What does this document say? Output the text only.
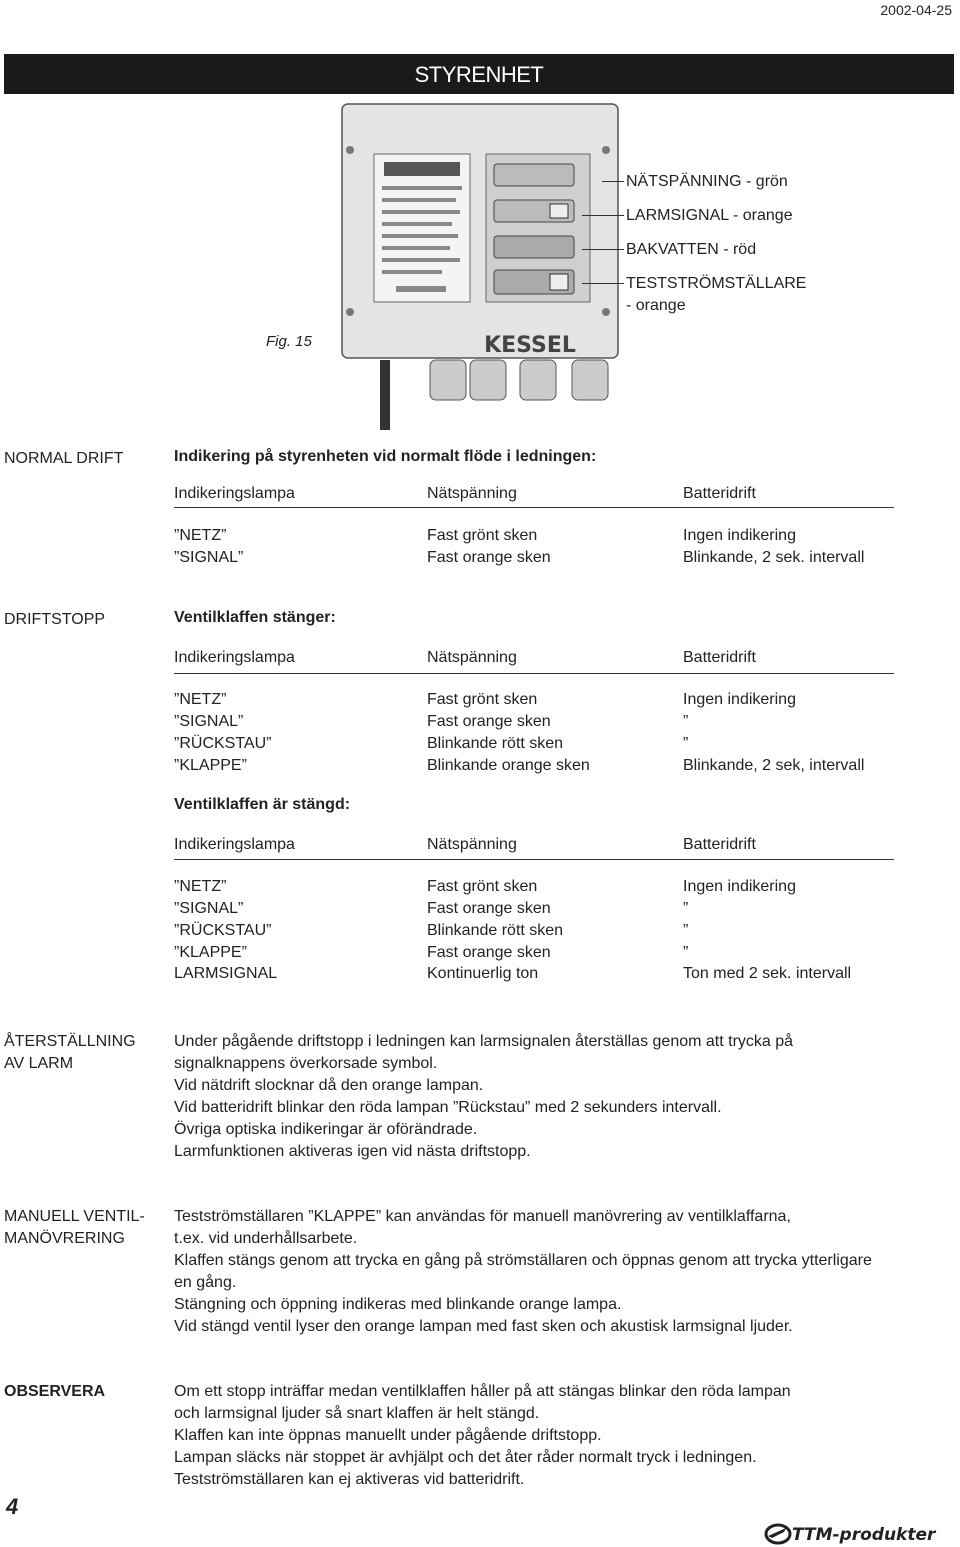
2002-04-25
STYRENHET
Fig. 15	KESSEL
NÄTSPÄNNING - grön
LARMSIGNAL - orange
BAKVATTEN - röd
TESTSTRÖMSTÄLLARE
- orange
NORMAL DRIFT	Indikering på styrenheten vid normalt flöde i ledningen:
Indikeringslampa	Nätspänning	Batteridrift
”NETZ”	Fast grönt sken	Ingen indikering
”SIGNAL”	Fast orange sken	Blinkande, 2 sek. intervall
DRIFTSTOPP	Ventilklaffen stänger:
Indikeringslampa	Nätspänning	Batteridrift
”NETZ”	Fast grönt sken	Ingen indikering
”SIGNAL”	Fast orange sken	”
”RÜCKSTAU”	Blinkande rött sken	”
”KLAPPE”	Blinkande orange sken	Blinkande, 2 sek, intervall
Ventilklaffen är stängd:
Indikeringslampa	Nätspänning	Batteridrift
”NETZ”	Fast grönt sken	Ingen indikering
”SIGNAL”	Fast orange sken	”
”RÜCKSTAU”	Blinkande rött sken	”
”KLAPPE”	Fast orange sken	”
LARMSIGNAL	Kontinuerlig ton	Ton med 2 sek. intervall
ÅTERSTÄLLNING
AV LARM
Under pågående driftstopp i ledningen kan larmsignalen återställas genom att trycka på
signalknappens överkorsade symbol.
Vid nätdrift slocknar då den orange lampan.
Vid batteridrift blinkar den röda lampan ”Rückstau” med 2 sekunders intervall.
Övriga optiska indikeringar är oförändrade.
Larmfunktionen aktiveras igen vid nästa driftstopp.
MANUELL VENTIL-
MANÖVRERING
Testströmställaren ”KLAPPE” kan användas för manuell manövrering av ventilklaffarna,
t.ex. vid underhållsarbete.
Klaffen stängs genom att trycka en gång på strömställaren och öppnas genom att trycka ytterligare
en gång.
Stängning och öppning indikeras med blinkande orange lampa.
Vid stängd ventil lyser den orange lampan med fast sken och akustisk larmsignal ljuder.
OBSERVERA	Om ett stopp inträffar medan ventilklaffen håller på att stängas blinkar den röda lampan
och larmsignal ljuder så snart klaffen är helt stängd.
Klaffen kan inte öppnas manuellt under pågående driftstopp.
Lampan släcks när stoppet är avhjälpt och det åter råder normalt tryck i ledningen.
Testströmställaren kan ej aktiveras vid batteridrift.
4
TTM-produkter
